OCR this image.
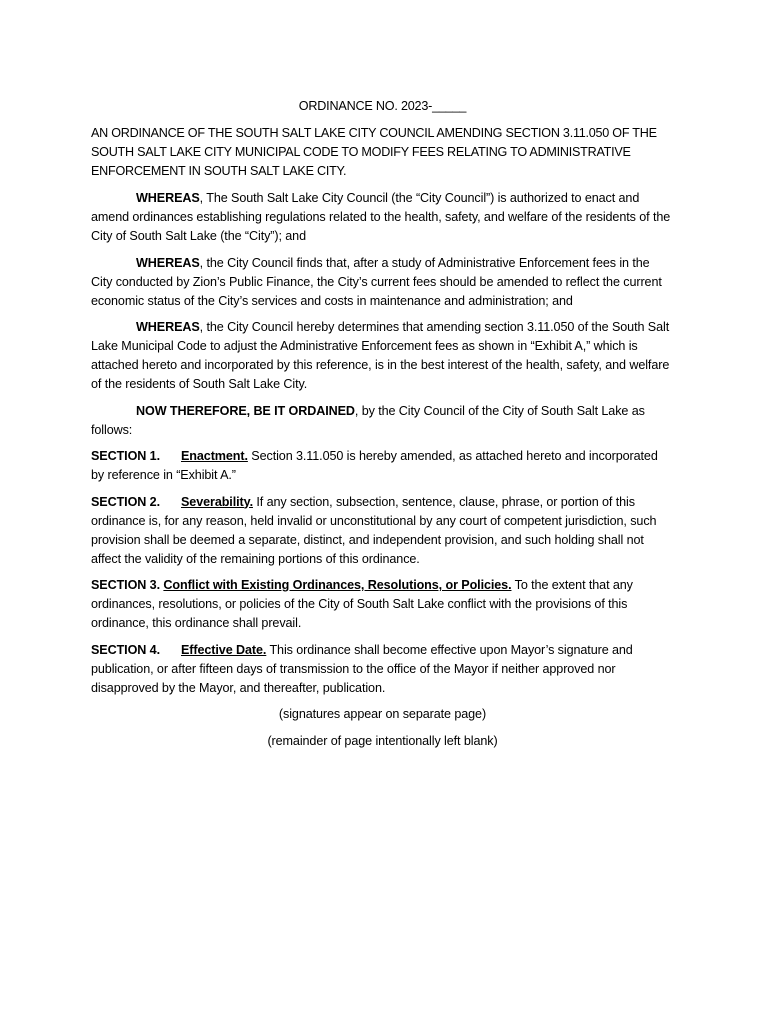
ORDINANCE NO. 2023-_____

AN ORDINANCE OF THE SOUTH SALT LAKE CITY COUNCIL AMENDING SECTION 3.11.050 OF THE SOUTH SALT LAKE CITY MUNICIPAL CODE TO MODIFY FEES RELATING TO ADMINISTRATIVE ENFORCEMENT IN SOUTH SALT LAKE CITY.

WHEREAS, The South Salt Lake City Council (the “City Council”) is authorized to enact and amend ordinances establishing regulations related to the health, safety, and welfare of the residents of the City of South Salt Lake (the “City”); and

WHEREAS, the City Council finds that, after a study of Administrative Enforcement fees in the City conducted by Zion’s Public Finance, the City’s current fees should be amended to reflect the current economic status of the City’s services and costs in maintenance and administration; and

WHEREAS, the City Council hereby determines that amending section 3.11.050 of the South Salt Lake Municipal Code to adjust the Administrative Enforcement fees as shown in “Exhibit A,” which is attached hereto and incorporated by this reference, is in the best interest of the health, safety, and welfare of the residents of South Salt Lake City.

NOW THEREFORE, BE IT ORDAINED, by the City Council of the City of South Salt Lake as follows:

SECTION 1. Enactment. Section 3.11.050 is hereby amended, as attached hereto and incorporated by reference in “Exhibit A.”

SECTION 2. Severability. If any section, subsection, sentence, clause, phrase, or portion of this ordinance is, for any reason, held invalid or unconstitutional by any court of competent jurisdiction, such provision shall be deemed a separate, distinct, and independent provision, and such holding shall not affect the validity of the remaining portions of this ordinance.

SECTION 3. Conflict with Existing Ordinances, Resolutions, or Policies. To the extent that any ordinances, resolutions, or policies of the City of South Salt Lake conflict with the provisions of this ordinance, this ordinance shall prevail.

SECTION 4. Effective Date. This ordinance shall become effective upon Mayor’s signature and publication, or after fifteen days of transmission to the office of the Mayor if neither approved nor disapproved by the Mayor, and thereafter, publication.

(signatures appear on separate page)
(remainder of page intentionally left blank)
